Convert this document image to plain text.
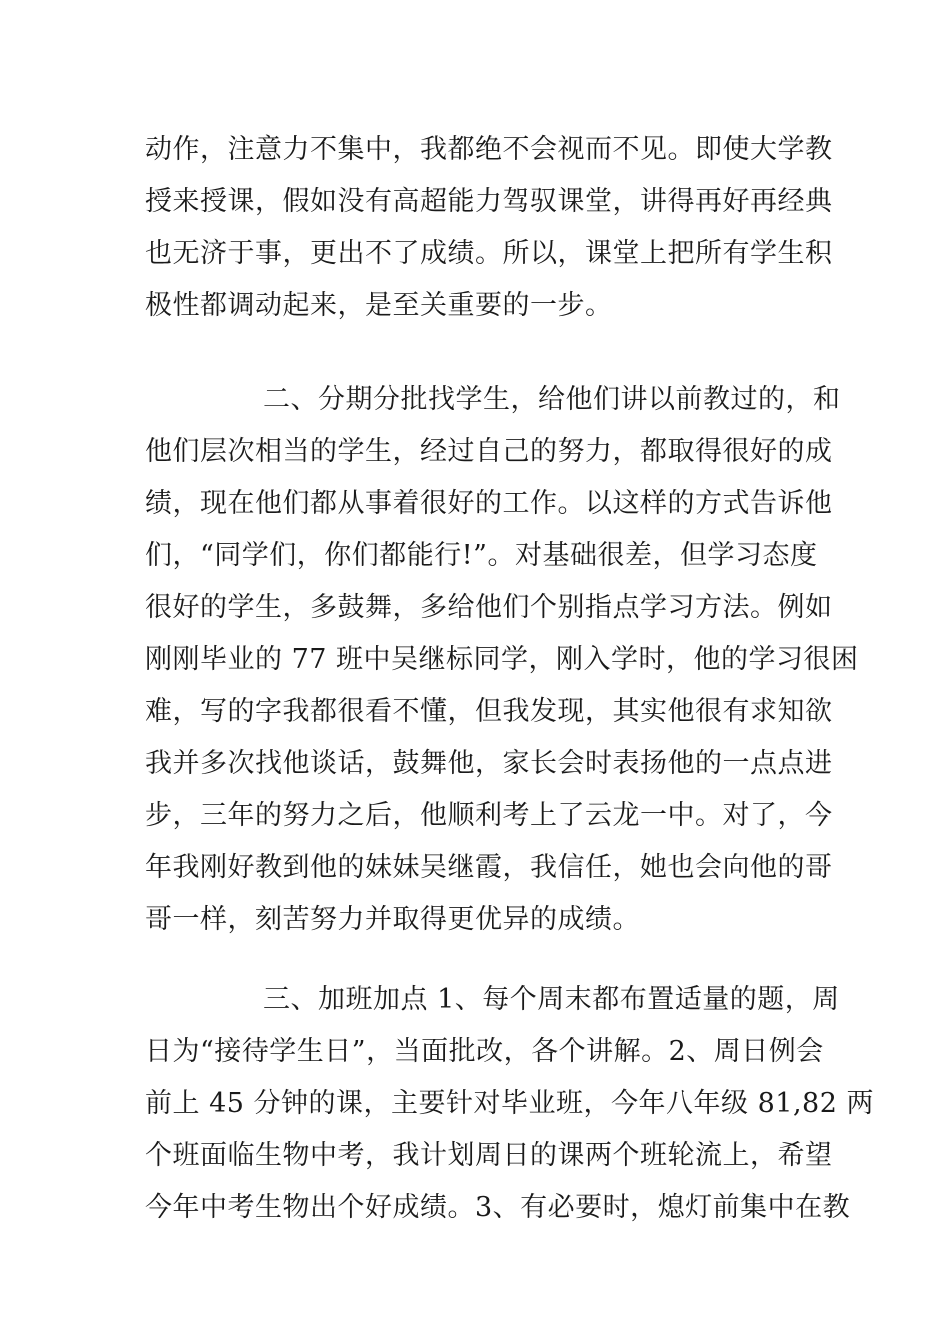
动作，注意力不集中，我都绝不会视而不见。即使大学教
授来授课，假如没有高超能力驾驭课堂，讲得再好再经典
也无济于事，更出不了成绩。所以，课堂上把所有学生积
极性都调动起来，是至关重要的一步。

二、分期分批找学生，给他们讲以前教过的，和
他们层次相当的学生，经过自己的努力，都取得很好的成
绩，现在他们都从事着很好的工作。以这样的方式告诉他
们，“同学们，你们都能行!”。对基础很差，但学习态度
很好的学生，多鼓舞，多给他们个别指点学习方法。例如
刚刚毕业的 77 班中吴继标同学，刚入学时，他的学习很困
难，写的字我都很看不懂，但我发现，其实他很有求知欲
我并多次找他谈话，鼓舞他，家长会时表扬他的一点点进
步，三年的努力之后，他顺利考上了云龙一中。对了，今
年我刚好教到他的妹妹吴继霞，我信任，她也会向他的哥
哥一样，刻苦努力并取得更优异的成绩。

三、加班加点 1、每个周末都布置适量的题，周
日为“接待学生日”，当面批改，各个讲解。2、周日例会
前上 45 分钟的课，主要针对毕业班，今年八年级 81,82 两
个班面临生物中考，我计划周日的课两个班轮流上，希望
今年中考生物出个好成绩。3、有必要时，熄灯前集中在教
